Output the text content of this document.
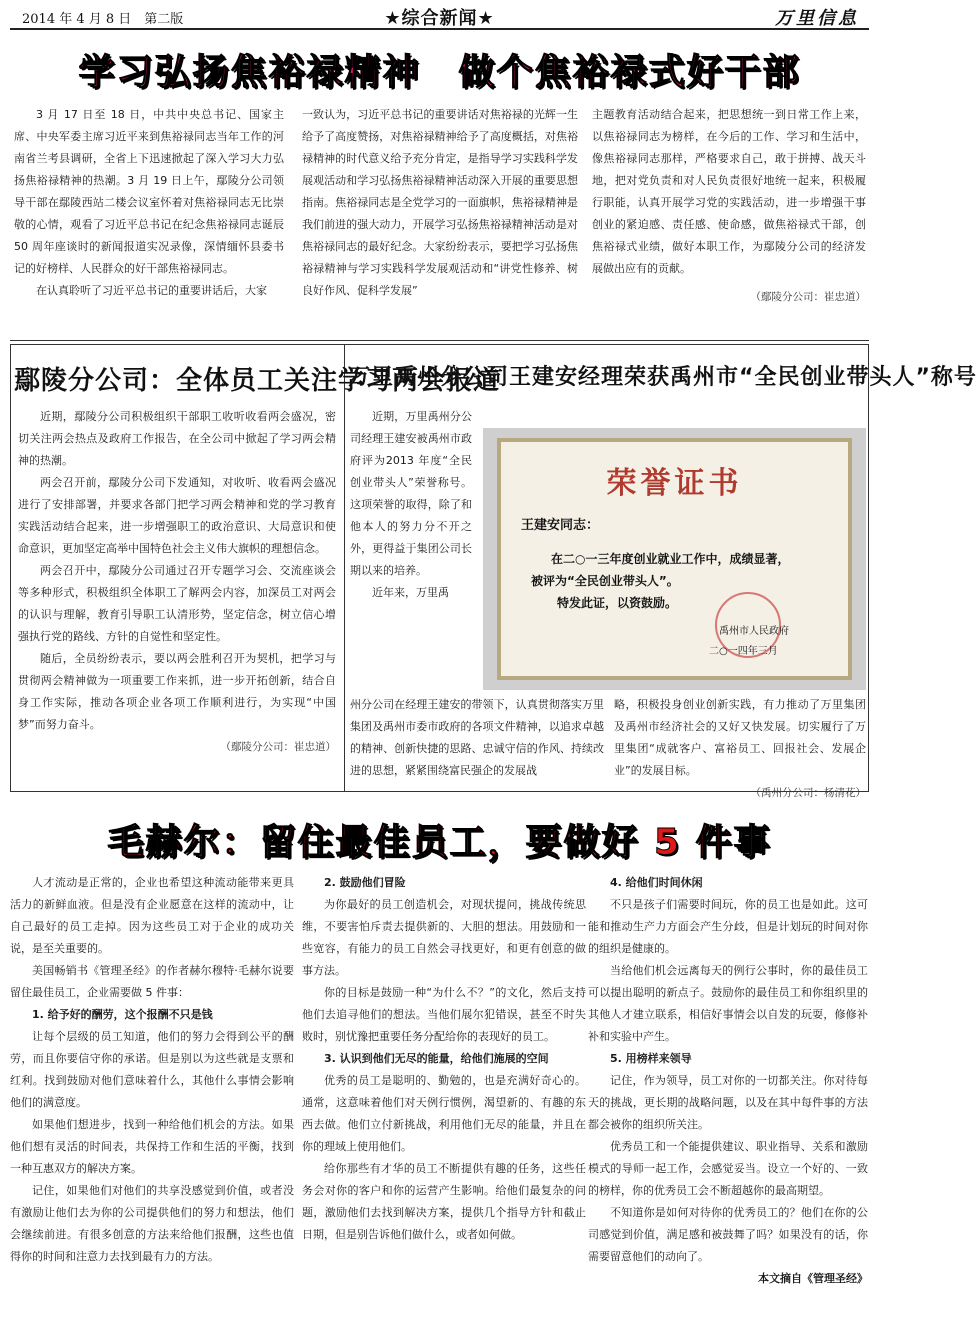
2014 年 4 月 8 日　第二版	★综合新闻★	万里信息
学习弘扬焦裕禄精神　做个焦裕禄式好干部

3 月 17 日至 18 日，中共中央总书记、国家主席、中央军委主席习近平来到焦裕禄同志当年工作的河南省兰考县调研，全省上下迅速掀起了深入学习大力弘扬焦裕禄精神的热潮。3 月 19 日上午，鄢陵分公司领导干部在鄢陵西站二楼会议室怀着对焦裕禄同志无比崇敬的心情，观看了习近平总书记在纪念焦裕禄同志诞辰 50 周年座谈时的新闻报道实况录像，深情缅怀县委书记的好榜样、人民群众的好干部焦裕禄同志。

在认真聆听了习近平总书记的重要讲话后，大家

一致认为，习近平总书记的重要讲话对焦裕禄的光辉一生给予了高度赞扬，对焦裕禄精神给予了高度概括，对焦裕禄精神的时代意义给予充分肯定，是指导学习实践科学发展观活动和学习弘扬焦裕禄精神活动深入开展的重要思想指南。焦裕禄同志是全党学习的一面旗帜，焦裕禄精神是我们前进的强大动力，开展学习弘扬焦裕禄精神活动是对焦裕禄同志的最好纪念。大家纷纷表示，要把学习弘扬焦裕禄精神与学习实践科学发展观活动和“讲党性修养、树良好作风、促科学发展”

主题教育活动结合起来，把思想统一到日常工作上来，以焦裕禄同志为榜样，在今后的工作、学习和生活中，像焦裕禄同志那样，严格要求自己，敢于拼搏、战天斗地，把对党负责和对人民负责很好地统一起来，积极履行职能，认真开展学习党的实践活动，进一步增强干事创业的紧迫感、责任感、使命感，做焦裕禄式干部，创焦裕禄式业绩，做好本职工作，为鄢陵分公司的经济发展做出应有的贡献。

（鄢陵分公司：崔忠道）

鄢陵分公司：全体员工关注学习两会报道

近期，鄢陵分公司积极组织干部职工收听收看两会盛况，密切关注两会热点及政府工作报告，在全公司中掀起了学习两会精神的热潮。

两会召开前，鄢陵分公司下发通知，对收听、收看两会盛况进行了安排部署，并要求各部门把学习两会精神和党的学习教育实践活动结合起来，进一步增强职工的政治意识、大局意识和使命意识，更加坚定高举中国特色社会主义伟大旗帜的理想信念。

两会召开中，鄢陵分公司通过召开专题学习会、交流座谈会等多种形式，积极组织全体职工了解两会内容，加深员工对两会的认识与理解，教育引导职工认清形势，坚定信念，树立信心增强执行党的路线、方针的自觉性和坚定性。

随后，全员纷纷表示，要以两会胜利召开为契机，把学习与贯彻两会精神做为一项重要工作来抓，进一步开拓创新，结合自身工作实际，推动各项企业各项工作顺利进行，为实现“中国梦”而努力奋斗。

（鄢陵分公司：崔忠道）

万里禹州分公司王建安经理荣获禹州市“全民创业带头人”称号

近期，万里禹州分公司经理王建安被禹州市政府评为2013 年度“全民创业带头人”荣誉称号。这项荣誉的取得，除了和他本人的努力分不开之外，更得益于集团公司长期以来的培养。

近年来，万里禹

荣誉证书
王建安同志：
在二○一三年度创业就业工作中，成绩显著，
被评为“全民创业带头人”。
特发此证，以资鼓励。
禹州市人民政府
二○一四年三月

州分公司在经理王建安的带领下，认真贯彻落实万里集团及禹州市委市政府的各项文件精神，以追求卓越的精神、创新快捷的思路、忠诚守信的作风、持续改进的思想，紧紧围绕富民强企的发展战

略，积极投身创业创新实践，有力推动了万里集团及禹州市经济社会的又好又快发展。切实履行了万里集团“成就客户、富裕员工、回报社会、发展企业”的发展目标。

（禹州分公司：杨清花）

毛赫尔：留住最佳员工，要做好 5 件事

人才流动是正常的，企业也希望这种流动能带来更具活力的新鲜血液。但是没有企业愿意在这样的流动中，让自己最好的员工走掉。因为这些员工对于企业的成功关说，是至关重要的。

美国畅销书《管理圣经》的作者赫尔穆特·毛赫尔说要留住最佳员工，企业需要做 5 件事：

1. 给予好的酬劳，这个报酬不只是钱

让每个层级的员工知道，他们的努力会得到公平的酬劳，而且你要信守你的承诺。但是别以为这些就是支票和红利。找到鼓励对他们意味着什么，其他什么事情会影响他们的满意度。

如果他们想进步，找到一种给他们机会的方法。如果他们想有灵活的时间表，共保持工作和生活的平衡，找到一种互惠双方的解决方案。

记住，如果他们对他们的共享没感觉到价值，或者没有激励让他们去为你的公司提供他们的努力和想法，他们会继续前进。有很多创意的方法来给他们报酬，这些也值得你的时间和注意力去找到最有力的方法。

2. 鼓励他们冒险

为你最好的员工创造机会，对现状提问，挑战传统思维，不要害怕斥责去提供新的、大胆的想法。用鼓励和一些宽容，有能力的员工自然会寻找更好，和更有创意的做事方法。

你的目标是鼓励一种“为什么不？”的文化，然后支持他们去追寻他们的想法。当他们展尔犯错误，甚至不时失败时，别忧豫把重要任务分配给你的表现好的员工。

3. 认识到他们无尽的能量，给他们施展的空间

优秀的员工是聪明的、勤勉的，也是充满好奇心的。通常，这意味着他们对天例行惯例，渴望新的、有趣的东西去做。他们立付新挑战，利用他们无尽的能量，并且在你的理域上使用他们。

给你那些有才华的员工不断提供有趣的任务，这些任务会对你的客户和你的运营产生影响。给他们最复杂的问题，激励他们去找到解决方案，提供几个指导方针和截止日期，但是别告诉他们做什么，或者如何做。

4. 给他们时间休闲

不只是孩子们需要时间玩，你的员工也是如此。这可能和推动生产力方面会产生分歧，但是计划玩的时间对你的组织是健康的。

当给他们机会远离每天的例行公事时，你的最佳员工可以提出聪明的新点子。鼓励你的最佳员工和你组织里的其他人才建立联系，相信好事情会以自发的玩耍，修修补补和实验中产生。

5. 用榜样来领导

记住，作为领导，员工对你的一切都关注。你对待每天的挑战，更长期的战略问题，以及在其中每件事的方法都会被你的组织所关注。

优秀员工和一个能提供建议、职业指导、关系和激励模式的导师一起工作，会感觉妥当。设立一个好的、一致的榜样，你的优秀员工会不断超越你的最高期望。

不知道你是如何对待你的优秀员工的？他们在你的公司感觉到价值，满足感和被鼓舞了吗？如果没有的话，你需要留意他们的动向了。

本文摘自《管理圣经》
